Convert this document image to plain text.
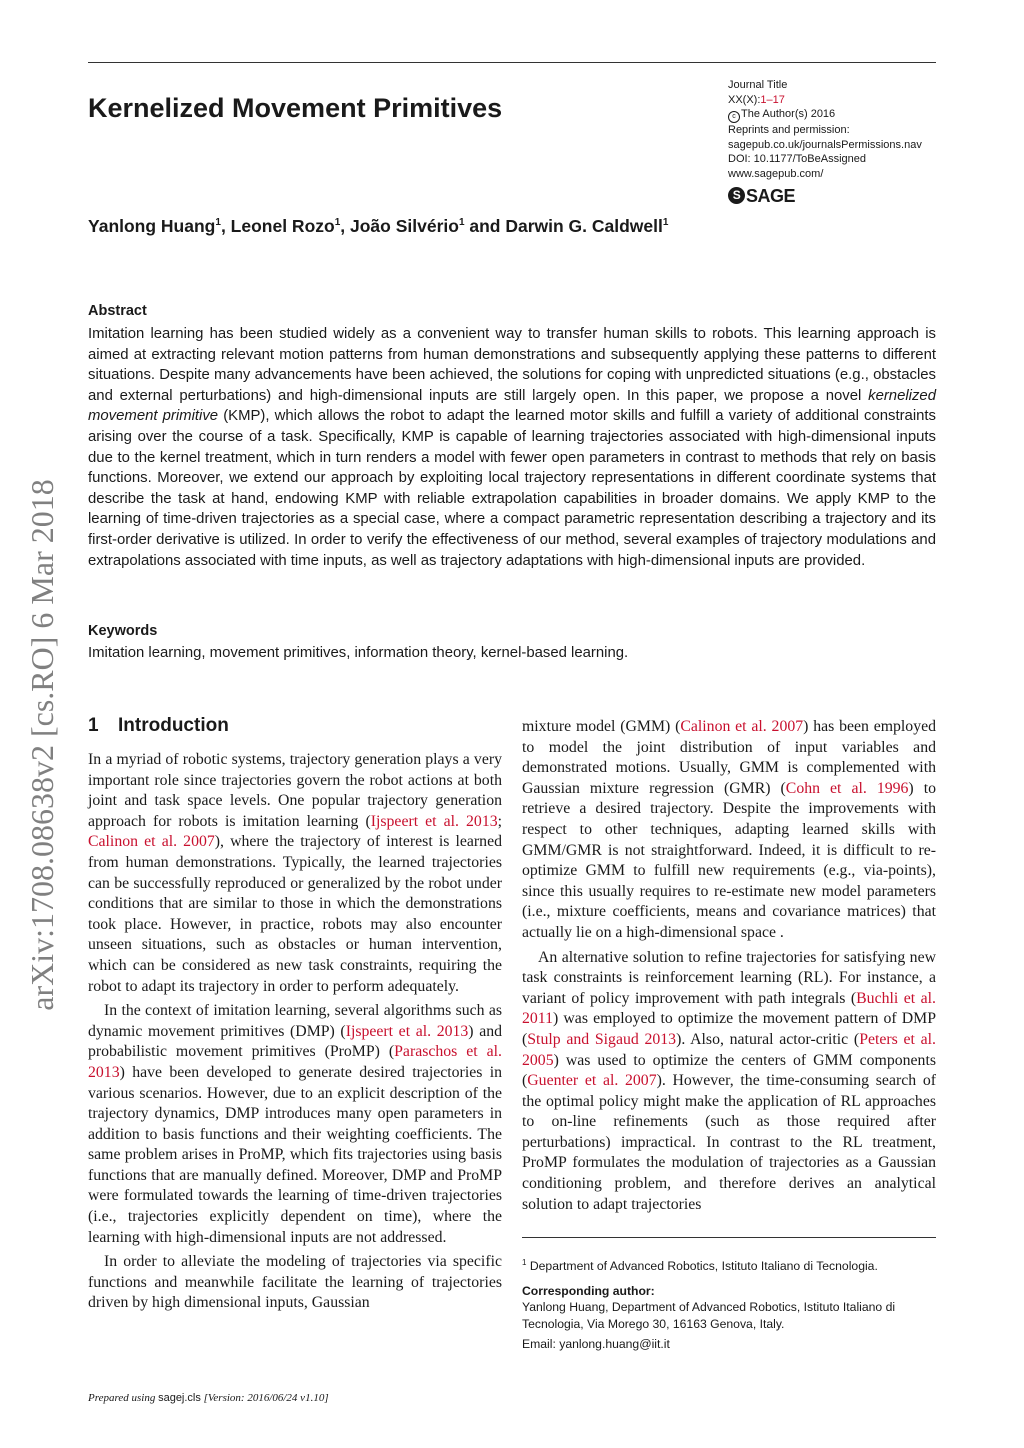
arXiv:1708.08638v2 [cs.RO] 6 Mar 2018
Kernelized Movement Primitives
Journal Title
XX(X):1–17
c The Author(s) 2016
Reprints and permission:
sagepub.co.uk/journalsPermissions.nav
DOI: 10.1177/ToBeAssigned
www.sagepub.com/
S SAGE
Yanlong Huang$^1$, Leonel Rozo$^1$, João Silvério$^1$ and Darwin G. Caldwell$^1$
Abstract

Imitation learning has been studied widely as a convenient way to transfer human skills to robots. This learning approach is aimed at extracting relevant motion patterns from human demonstrations and subsequently applying these patterns to different situations. Despite many advancements have been achieved, the solutions for coping with unpredicted situations (e.g., obstacles and external perturbations) and high-dimensional inputs are still largely open. In this paper, we propose a novel kernelized movement primitive (KMP), which allows the robot to adapt the learned motor skills and fulfill a variety of additional constraints arising over the course of a task. Specifically, KMP is capable of learning trajectories associated with high-dimensional inputs due to the kernel treatment, which in turn renders a model with fewer open parameters in contrast to methods that rely on basis functions. Moreover, we extend our approach by exploiting local trajectory representations in different coordinate systems that describe the task at hand, endowing KMP with reliable extrapolation capabilities in broader domains. We apply KMP to the learning of time-driven trajectories as a special case, where a compact parametric representation describing a trajectory and its first-order derivative is utilized. In order to verify the effectiveness of our method, several examples of trajectory modulations and extrapolations associated with time inputs, as well as trajectory adaptations with high-dimensional inputs are provided.

Keywords

Imitation learning, movement primitives, information theory, kernel-based learning.

1 Introduction

In a myriad of robotic systems, trajectory generation plays a very important role since trajectories govern the robot actions at both joint and task space levels. One popular trajectory generation approach for robots is imitation learning (Ijspeert et al. 2013; Calinon et al. 2007), where the trajectory of interest is learned from human demonstrations. Typically, the learned trajectories can be successfully reproduced or generalized by the robot under conditions that are similar to those in which the demonstrations took place. However, in practice, robots may also encounter unseen situations, such as obstacles or human intervention, which can be considered as new task constraints, requiring the robot to adapt its trajectory in order to perform adequately.

In the context of imitation learning, several algorithms such as dynamic movement primitives (DMP) (Ijspeert et al. 2013) and probabilistic movement primitives (ProMP) (Paraschos et al. 2013) have been developed to generate desired trajectories in various scenarios. However, due to an explicit description of the trajectory dynamics, DMP introduces many open parameters in addition to basis functions and their weighting coefficients. The same problem arises in ProMP, which fits trajectories using basis functions that are manually defined. Moreover, DMP and ProMP were formulated towards the learning of time-driven trajectories (i.e., trajectories explicitly dependent on time), where the learning with high-dimensional inputs are not addressed.

In order to alleviate the modeling of trajectories via specific functions and meanwhile facilitate the learning of trajectories driven by high dimensional inputs, Gaussian

mixture model (GMM) (Calinon et al. 2007) has been employed to model the joint distribution of input variables and demonstrated motions. Usually, GMM is complemented with Gaussian mixture regression (GMR) (Cohn et al. 1996) to retrieve a desired trajectory. Despite the improvements with respect to other techniques, adapting learned skills with GMM/GMR is not straightforward. Indeed, it is difficult to re-optimize GMM to fulfill new requirements (e.g., via-points), since this usually requires to re-estimate new model parameters (i.e., mixture coefficients, means and covariance matrices) that actually lie on a high-dimensional space .

An alternative solution to refine trajectories for satisfying new task constraints is reinforcement learning (RL). For instance, a variant of policy improvement with path integrals (Buchli et al. 2011) was employed to optimize the movement pattern of DMP (Stulp and Sigaud 2013). Also, natural actor-critic (Peters et al. 2005) was used to optimize the centers of GMM components (Guenter et al. 2007). However, the time-consuming search of the optimal policy might make the application of RL approaches to on-line refinements (such as those required after perturbations) impractical. In contrast to the RL treatment, ProMP formulates the modulation of trajectories as a Gaussian conditioning problem, and therefore derives an analytical solution to adapt trajectories

$^1$ Department of Advanced Robotics, Istituto Italiano di Tecnologia.

Corresponding author:

Yanlong Huang, Department of Advanced Robotics, Istituto Italiano di Tecnologia, Via Morego 30, 16163 Genova, Italy.

Email: yanlong.huang@iit.it

Prepared using sagej.cls [Version: 2016/06/24 v1.10]
